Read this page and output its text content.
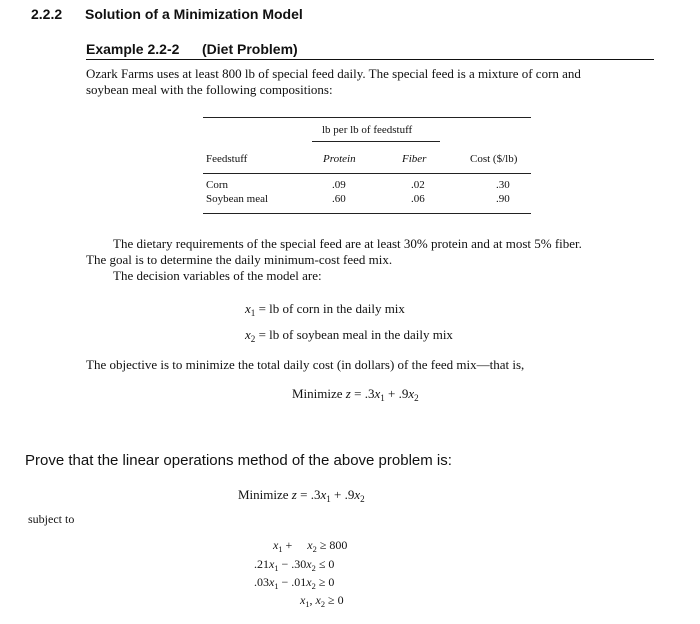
2.2.2 Solution of a Minimization Model
Example 2.2-2 (Diet Problem)
Ozark Farms uses at least 800 lb of special feed daily. The special feed is a mixture of corn and
soybean meal with the following compositions:
lb per lb of feedstuff
Feedstuff	Protein	Fiber	Cost ($/lb)
Corn	.09	.02	.30
Soybean meal	.60	.06	.90
The dietary requirements of the special feed are at least 30% protein and at most 5% fiber.
The goal is to determine the daily minimum-cost feed mix.
The decision variables of the model are:
$x_1$ = lb of corn in the daily mix
$x_2$ = lb of soybean meal in the daily mix
The objective is to minimize the total daily cost (in dollars) of the feed mix—that is,
Minimize $z = .3x_1 + .9x_2$
Prove that the linear operations method of the above problem is:
Minimize $z = .3x_1 + .9x_2$
subject to
$x_1$ +     $x_2 \ge 800$
$.21x_1 - .30x_2 \le 0$
$.03x_1 - .01x_2 \ge 0$
$x_1$, $x_2 \ge 0$
